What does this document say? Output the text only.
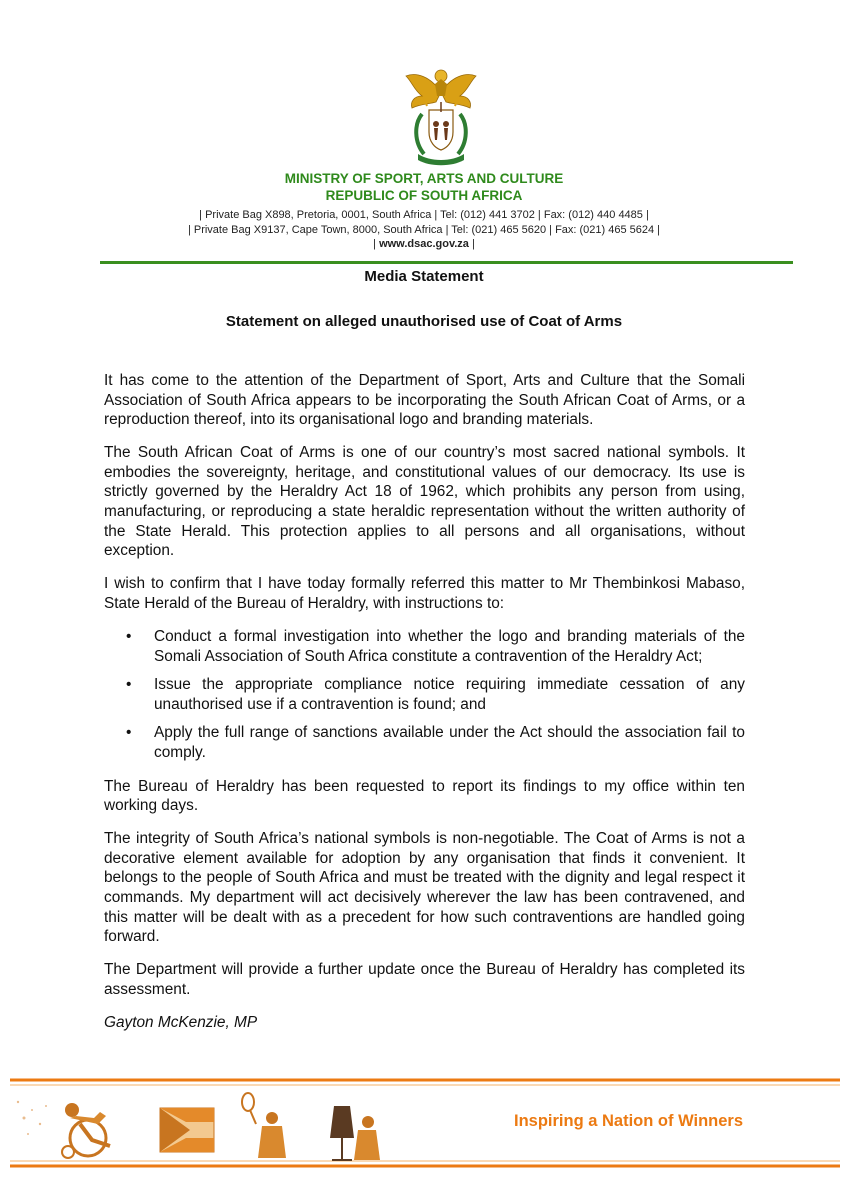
MINISTRY OF SPORT, ARTS AND CULTURE
REPUBLIC OF SOUTH AFRICA
| Private Bag X898, Pretoria, 0001, South Africa | Tel: (012) 441 3702 | Fax: (012) 440 4485 |
| Private Bag X9137, Cape Town, 8000, South Africa | Tel: (021) 465 5620 | Fax: (021) 465 5624 |
| www.dsac.gov.za |
Media Statement
Statement on alleged unauthorised use of Coat of Arms

It has come to the attention of the Department of Sport, Arts and Culture that the Somali Association of South Africa appears to be incorporating the South African Coat of Arms, or a reproduction thereof, into its organisational logo and branding materials.

The South African Coat of Arms is one of our country’s most sacred national symbols. It embodies the sovereignty, heritage, and constitutional values of our democracy. Its use is strictly governed by the Heraldry Act 18 of 1962, which prohibits any person from using, manufacturing, or reproducing a state heraldic representation without the written authority of the State Herald. This protection applies to all persons and all organisations, without exception.

I wish to confirm that I have today formally referred this matter to Mr Thembinkosi Mabaso, State Herald of the Bureau of Heraldry, with instructions to:

• Conduct a formal investigation into whether the logo and branding materials of the Somali Association of South Africa constitute a contravention of the Heraldry Act;
• Issue the appropriate compliance notice requiring immediate cessation of any unauthorised use if a contravention is found; and
• Apply the full range of sanctions available under the Act should the association fail to comply.

The Bureau of Heraldry has been requested to report its findings to my office within ten working days.

The integrity of South Africa’s national symbols is non-negotiable. The Coat of Arms is not a decorative element available for adoption by any organisation that finds it convenient. It belongs to the people of South Africa and must be treated with the dignity and legal respect it commands. My department will act decisively wherever the law has been contravened, and this matter will be dealt with as a precedent for how such contraventions are handled going forward.

The Department will provide a further update once the Bureau of Heraldry has completed its assessment.

Gayton McKenzie, MP

Inspiring a Nation of Winners
